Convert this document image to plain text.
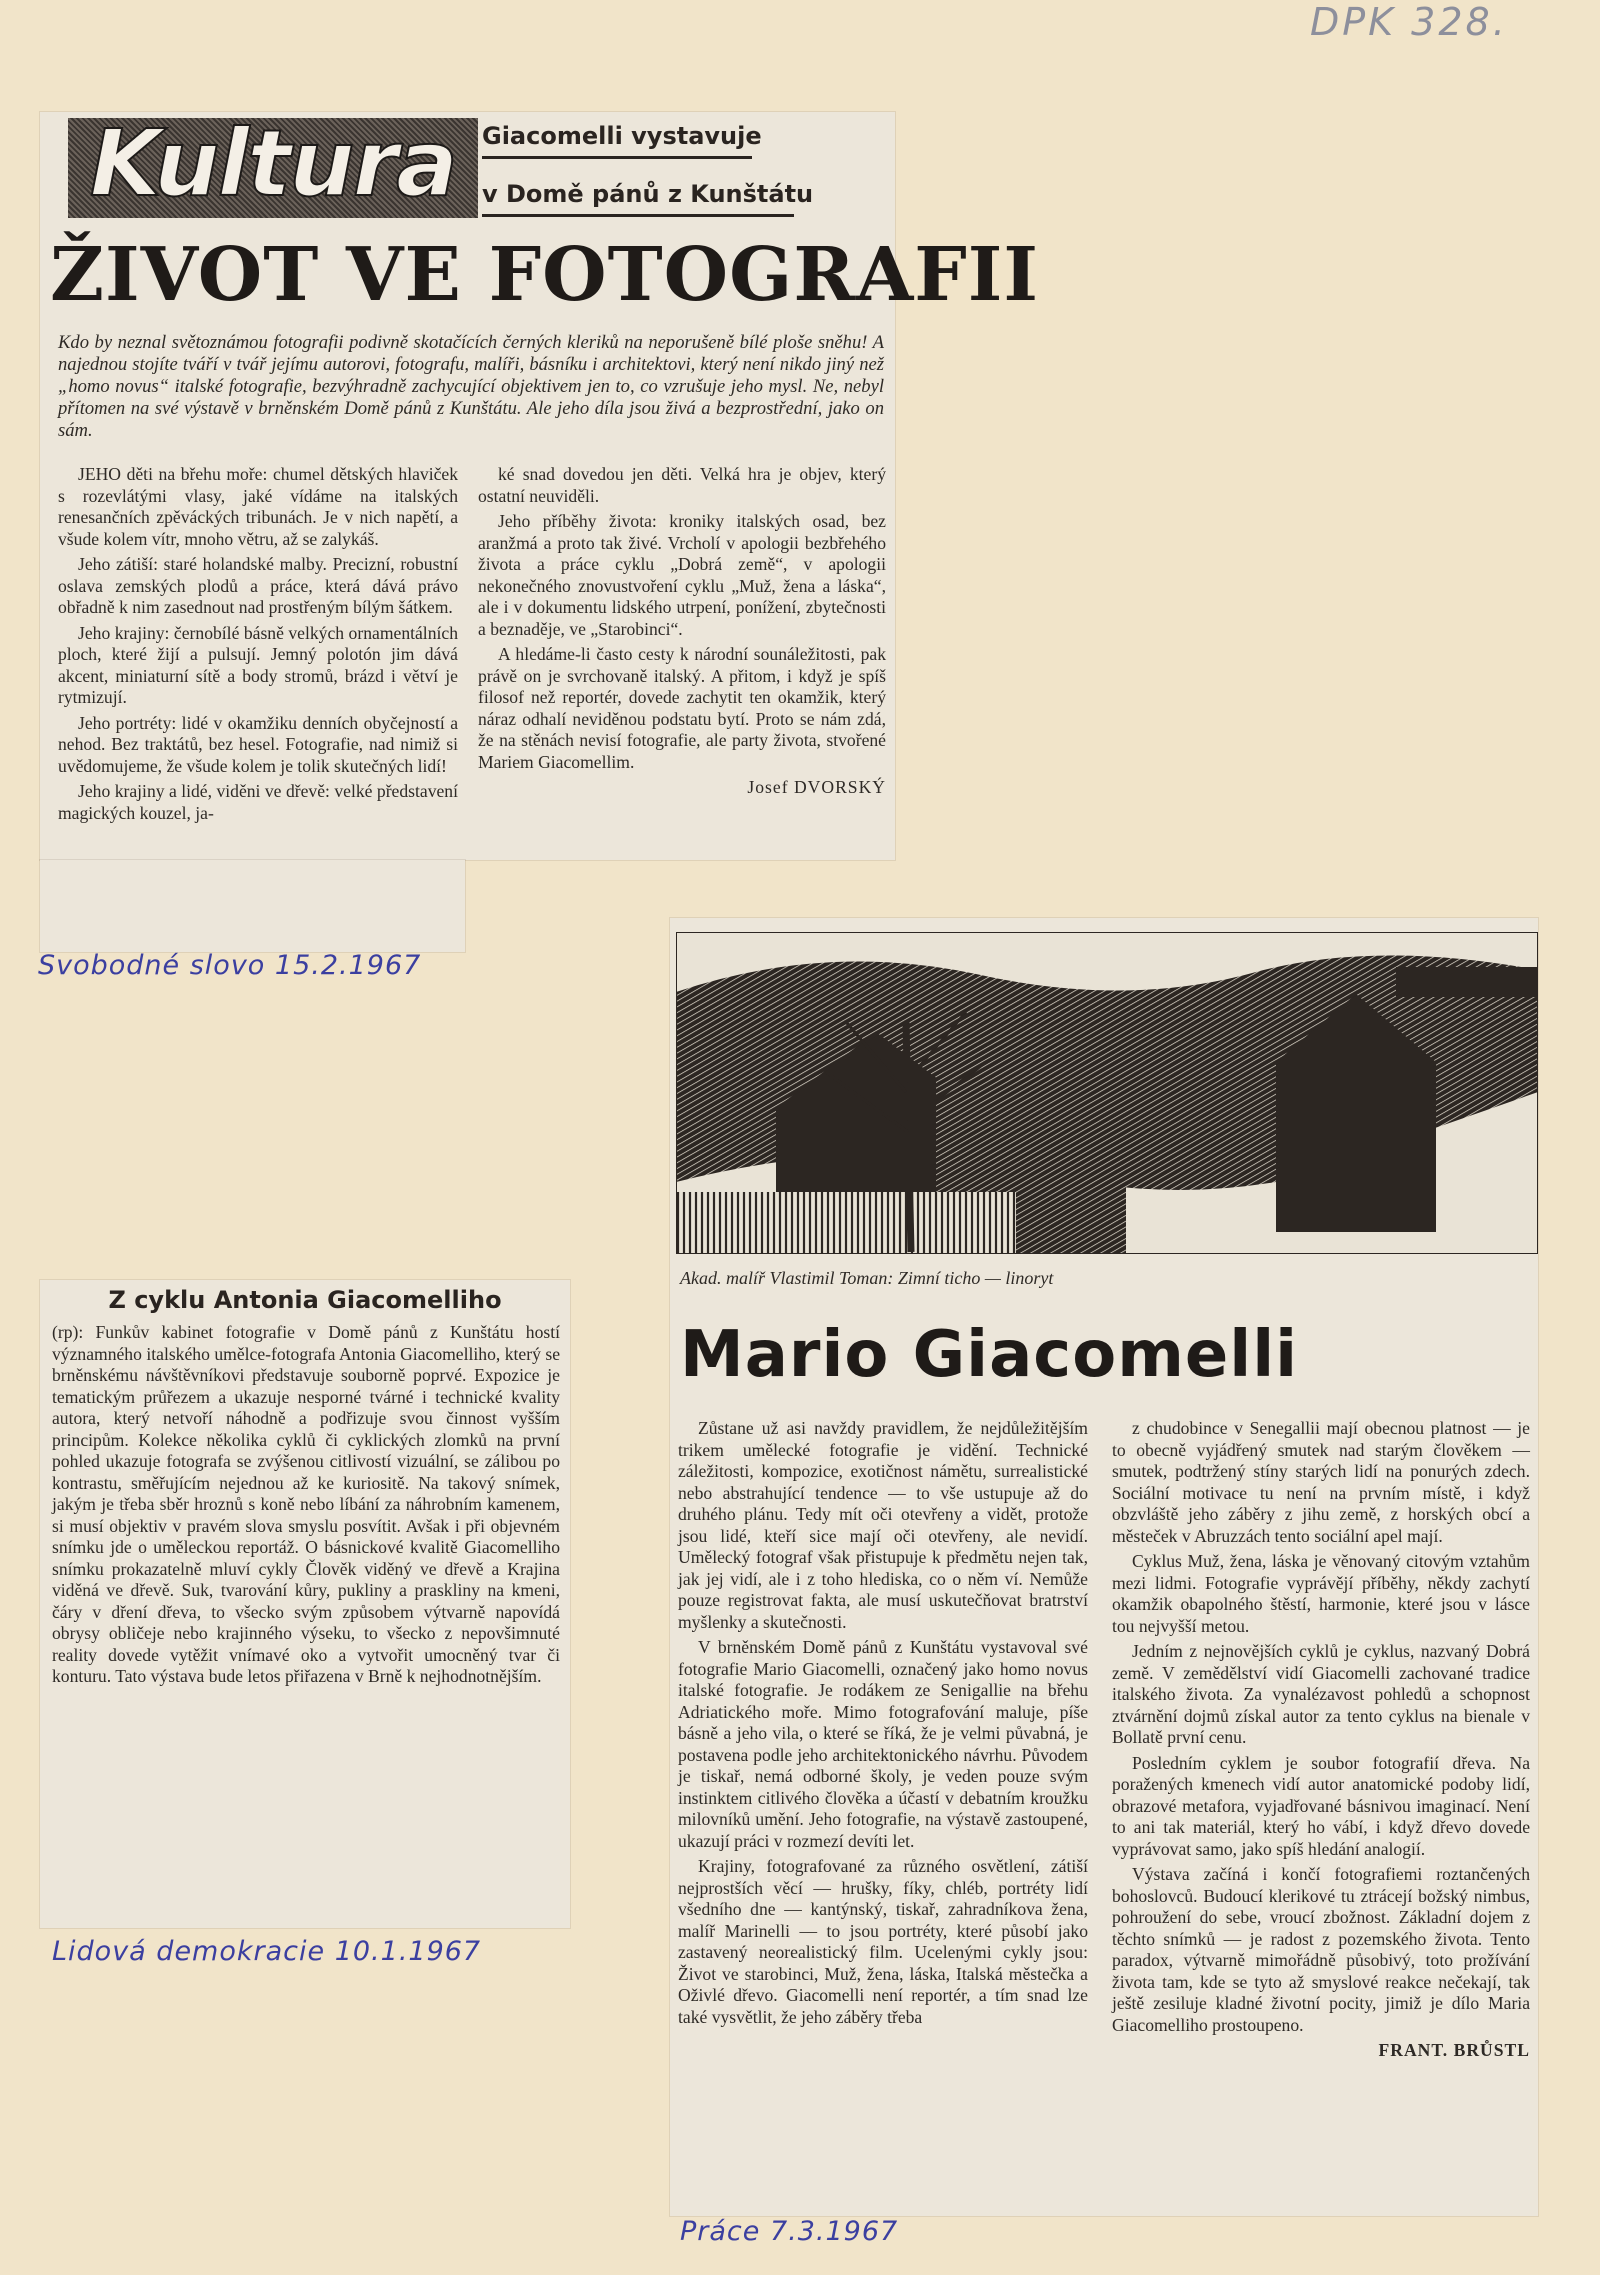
DPK 328.
Kultura	Giacomelli vystavuje
v Domě pánů z Kunštátu
ŽIVOT VE FOTOGRAFII
Kdo by neznal světoznámou fotografii podivně skotačících černých kleriků na neporušeně bílé ploše sněhu! A najednou stojíte tváří v tvář jejímu autorovi, fotografu, malíři, básníku i architektovi, který není nikdo jiný než „homo novus“ italské fotografie, bezvýhradně zachycující objektivem jen to, co vzrušuje jeho mysl. Ne, nebyl přítomen na své výstavě v brněnském Domě pánů z Kunštátu. Ale jeho díla jsou živá a bezprostřední, jako on sám.

JEHO děti na břehu moře: chumel dětských hlaviček s rozevlátými vlasy, jaké vídáme na italských renesančních zpěváckých tribunách. Je v nich napětí, a všude kolem vítr, mnoho větru, až se zalykáš.

Jeho zátiší: staré holandské malby. Precizní, robustní oslava zemských plodů a práce, která dává právo obřadně k nim zasednout nad prostřeným bílým šátkem.

Jeho krajiny: černobílé básně velkých ornamentálních ploch, které žijí a pulsují. Jemný polotón jim dává akcent, miniaturní sítě a body stromů, brázd i větví je rytmizují.

Jeho portréty: lidé v okamžiku denních obyčejností a nehod. Bez traktátů, bez hesel. Fotografie, nad nimiž si uvědomujeme, že všude kolem je tolik skutečných lidí!

Jeho krajiny a lidé, viděni ve dřevě: velké představení magických kouzel, ja-

ké snad dovedou jen děti. Velká hra je objev, který ostatní neuviděli.

Jeho příběhy života: kroniky italských osad, bez aranžmá a proto tak živé. Vrcholí v apologii bezbřehého života a práce cyklu „Dobrá země“, v apologii nekonečného znovustvoření cyklu „Muž, žena a láska“, ale i v dokumentu lidského utrpení, ponížení, zbytečnosti a beznaděje, ve „Starobinci“.

A hledáme-li často cesty k národní sounáležitosti, pak právě on je svrchovaně italský. A přitom, i když je spíš filosof než reportér, dovede zachytit ten okamžik, který náraz odhalí neviděnou podstatu bytí. Proto se nám zdá, že na stěnách nevisí fotografie, ale party života, stvořené Mariem Giacomellim.

Josef DVORSKÝ
Svobodné slovo 15.2.1967
Z cyklu Antonia Giacomelliho

(rp): Funkův kabinet fotografie v Domě pánů z Kunštátu hostí významného italského umělce-fotografa Antonia Giacomelliho, který se brněnskému návštěvníkovi představuje souborně poprvé. Expozice je tematickým průřezem a ukazuje nesporné tvárné i technické kvality autora, který netvoří náhodně a podřizuje svou činnost vyšším principům. Kolekce několika cyklů či cyklických zlomků na první pohled ukazuje fotografa se zvýšenou citlivostí vizuální, se zálibou po kontrastu, směřujícím nejednou až ke kuriositě. Na takový snímek, jakým je třeba sběr hroznů s koně nebo líbání za náhrobním kamenem, si musí objektiv v pravém slova smyslu posvítit. Avšak i při objevném snímku jde o uměleckou reportáž. O básnickové kvalitě Giacomelliho snímku prokazatelně mluví cykly Člověk viděný ve dřevě a Krajina viděná ve dřevě. Suk, tvarování kůry, pukliny a praskliny na kmeni, čáry v dření dřeva, to všecko svým způsobem výtvarně napovídá obrysy obličeje nebo krajinného výseku, to všecko z nepovšimnuté reality dovede vytěžit vnímavé oko a vytvořit umocněný tvar či konturu. Tato výstava bude letos přiřazena v Brně k nejhodnotnějším.

Lidová demokracie 10.1.1967
Akad. malíř Vlastimil Toman: Zimní ticho — linoryt
Mario Giacomelli

Zůstane už asi navždy pravidlem, že nejdůležitějším trikem umělecké fotografie je vidění. Technické záležitosti, kompozice, exotičnost námětu, surrealistické nebo abstrahující tendence — to vše ustupuje až do druhého plánu. Tedy mít oči otevřeny a vidět, protože jsou lidé, kteří sice mají oči otevřeny, ale nevidí. Umělecký fotograf však přistupuje k předmětu nejen tak, jak jej vidí, ale i z toho hlediska, co o něm ví. Nemůže pouze registrovat fakta, ale musí uskutečňovat bratrství myšlenky a skutečnosti.

V brněnském Domě pánů z Kunštátu vystavoval své fotografie Mario Giacomelli, označený jako homo novus italské fotografie. Je rodákem ze Senigallie na břehu Adriatického moře. Mimo fotografování maluje, píše básně a jeho vila, o které se říká, že je velmi půvabná, je postavena podle jeho architektonického návrhu. Původem je tiskař, nemá odborné školy, je veden pouze svým instinktem citlivého člověka a účastí v debatním kroužku milovníků umění. Jeho fotografie, na výstavě zastoupené, ukazují práci v rozmezí devíti let.

Krajiny, fotografované za různého osvětlení, zátiší nejprostších věcí — hrušky, fíky, chléb, portréty lidí všedního dne — kantýnský, tiskař, zahradníkova žena, malíř Marinelli — to jsou portréty, které působí jako zastavený neorealistický film. Ucelenými cykly jsou: Život ve starobinci, Muž, žena, láska, Italská městečka a Oživlé dřevo. Giacomelli není reportér, a tím snad lze také vysvětlit, že jeho záběry třeba

z chudobince v Senegallii mají obecnou platnost — je to obecně vyjádřený smutek nad starým člověkem — smutek, podtržený stíny starých lidí na ponurých zdech. Sociální motivace tu není na prvním místě, i když obzvláště jeho záběry z jihu země, z horských obcí a městeček v Abruzzách tento sociální apel mají.

Cyklus Muž, žena, láska je věnovaný citovým vztahům mezi lidmi. Fotografie vyprávějí příběhy, někdy zachytí okamžik obapolného štěstí, harmonie, které jsou v lásce tou nejvyšší metou.

Jedním z nejnovějších cyklů je cyklus, nazvaný Dobrá země. V zemědělství vidí Giacomelli zachované tradice italského života. Za vynalézavost pohledů a schopnost ztvárnění dojmů získal autor za tento cyklus na bienale v Bollatě první cenu.

Posledním cyklem je soubor fotografií dřeva. Na poražených kmenech vidí autor anatomické podoby lidí, obrazové metafora, vyjadřované básnivou imaginací. Není to ani tak materiál, který ho vábí, i když dřevo dovede vyprávovat samo, jako spíš hledání analogií.

Výstava začíná i končí fotografiemi roztančených bohoslovců. Budoucí klerikové tu ztrácejí božský nimbus, pohroužení do sebe, vroucí zbožnost. Základní dojem z těchto snímků — je radost z pozemského života. Tento paradox, výtvarně mimořádně působivý, toto prožívání života tam, kde se tyto až smyslové reakce nečekají, tak ještě zesiluje kladné životní pocity, jimiž je dílo Maria Giacomelliho prostoupeno.

FRANT. BRŮSTL
Práce 7.3.1967
